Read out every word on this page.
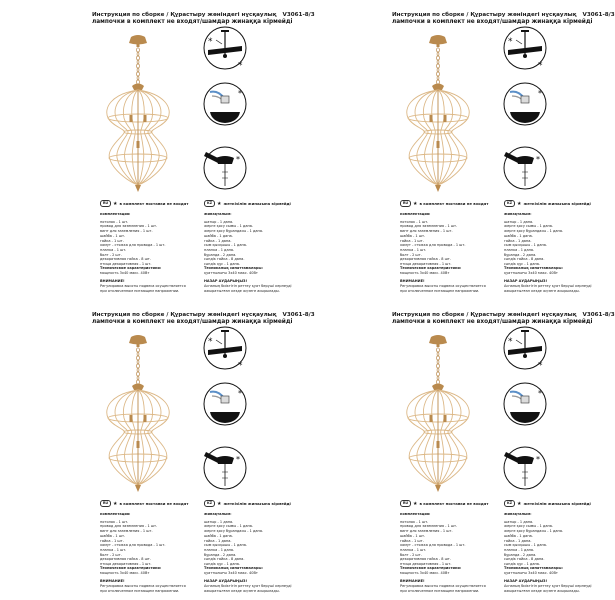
Инструкция по сборке / Құрастыру жөніндегі нұсқаулық V3061-8/3
лампочки в комплект не входят/шамдар жинаққа кірмейді
*
*
*
*
RU ★ в комплект поставки не входят	KZ ★ жеткізілім жинағына кірмейді
комплектация:
потолок - 1 шт.
провод для заземления - 1 шт.
винт для заземления - 1 шт.
шайба - 1 шт.
гайка - 1 шт.
хомут - стяжка для провода - 1 шт.
планка - 1 шт.
болт - 2 шт.
декоративная гайка - 8 шт.
птица декоративная - 1 шт.
жинақталым:
шатыр - 1 дана.
жерге қосу сымы - 1 дана.
жерге қосу бұрандасы - 1 дана.
шайба - 1 дана.
гайка - 1 дана.
сым қысқышы - 1 дана.
планка - 1 дана.
бұранда - 2 дана.
сәндік гайка - 8 дана.
сәндік құс - 1 дана.
Технические характеристики:
мощность 3x40 макс. 40Вт
ВНИМАНИЕ!
Регулировка высоты подвеса осуществляется
при отключенном питающем напряжении.
Техникалық сипаттамалары:
қуаттылығы 3x40 макс. 40Вт
НАЗАР АУДАРЫҢЫЗ!
Аспаның биіктігін реттеу қуат беруші кернеуді
ажыратылған кезде жүзеге асырылады.
Инструкция по сборке / Құрастыру жөніндегі нұсқаулық V3061-8/3
лампочки в комплект не входят/шамдар жинаққа кірмейді
*
*
*
*
RU ★ в комплект поставки не входят	KZ ★ жеткізілім жинағына кірмейді
комплектация:
потолок - 1 шт.
провод для заземления - 1 шт.
винт для заземления - 1 шт.
шайба - 1 шт.
гайка - 1 шт.
хомут - стяжка для провода - 1 шт.
планка - 1 шт.
болт - 2 шт.
декоративная гайка - 8 шт.
птица декоративная - 1 шт.
жинақталым:
шатыр - 1 дана.
жерге қосу сымы - 1 дана.
жерге қосу бұрандасы - 1 дана.
шайба - 1 дана.
гайка - 1 дана.
сым қысқышы - 1 дана.
планка - 1 дана.
бұранда - 2 дана.
сәндік гайка - 8 дана.
сәндік құс - 1 дана.
Технические характеристики:
мощность 3x40 макс. 40Вт
ВНИМАНИЕ!
Регулировка высоты подвеса осуществляется
при отключенном питающем напряжении.
Техникалық сипаттамалары:
қуаттылығы 3x40 макс. 40Вт
НАЗАР АУДАРЫҢЫЗ!
Аспаның биіктігін реттеу қуат беруші кернеуді
ажыратылған кезде жүзеге асырылады.
Инструкция по сборке / Құрастыру жөніндегі нұсқаулық V3061-8/3
лампочки в комплект не входят/шамдар жинаққа кірмейді
*
*
*
*
RU ★ в комплект поставки не входят	KZ ★ жеткізілім жинағына кірмейді
комплектация:
потолок - 1 шт.
провод для заземления - 1 шт.
винт для заземления - 1 шт.
шайба - 1 шт.
гайка - 1 шт.
хомут - стяжка для провода - 1 шт.
планка - 1 шт.
болт - 2 шт.
декоративная гайка - 8 шт.
птица декоративная - 1 шт.
жинақталым:
шатыр - 1 дана.
жерге қосу сымы - 1 дана.
жерге қосу бұрандасы - 1 дана.
шайба - 1 дана.
гайка - 1 дана.
сым қысқышы - 1 дана.
планка - 1 дана.
бұранда - 2 дана.
сәндік гайка - 8 дана.
сәндік құс - 1 дана.
Технические характеристики:
мощность 3x40 макс. 40Вт
ВНИМАНИЕ!
Регулировка высоты подвеса осуществляется
при отключенном питающем напряжении.
Техникалық сипаттамалары:
қуаттылығы 3x40 макс. 40Вт
НАЗАР АУДАРЫҢЫЗ!
Аспаның биіктігін реттеу қуат беруші кернеуді
ажыратылған кезде жүзеге асырылады.
Инструкция по сборке / Құрастыру жөніндегі нұсқаулық V3061-8/3
лампочки в комплект не входят/шамдар жинаққа кірмейді
*
*
*
*
RU ★ в комплект поставки не входят	KZ ★ жеткізілім жинағына кірмейді
комплектация:
потолок - 1 шт.
провод для заземления - 1 шт.
винт для заземления - 1 шт.
шайба - 1 шт.
гайка - 1 шт.
хомут - стяжка для провода - 1 шт.
планка - 1 шт.
болт - 2 шт.
декоративная гайка - 8 шт.
птица декоративная - 1 шт.
жинақталым:
шатыр - 1 дана.
жерге қосу сымы - 1 дана.
жерге қосу бұрандасы - 1 дана.
шайба - 1 дана.
гайка - 1 дана.
сым қысқышы - 1 дана.
планка - 1 дана.
бұранда - 2 дана.
сәндік гайка - 8 дана.
сәндік құс - 1 дана.
Технические характеристики:
мощность 3x40 макс. 40Вт
ВНИМАНИЕ!
Регулировка высоты подвеса осуществляется
при отключенном питающем напряжении.
Техникалық сипаттамалары:
қуаттылығы 3x40 макс. 40Вт
НАЗАР АУДАРЫҢЫЗ!
Аспаның биіктігін реттеу қуат беруші кернеуді
ажыратылған кезде жүзеге асырылады.
